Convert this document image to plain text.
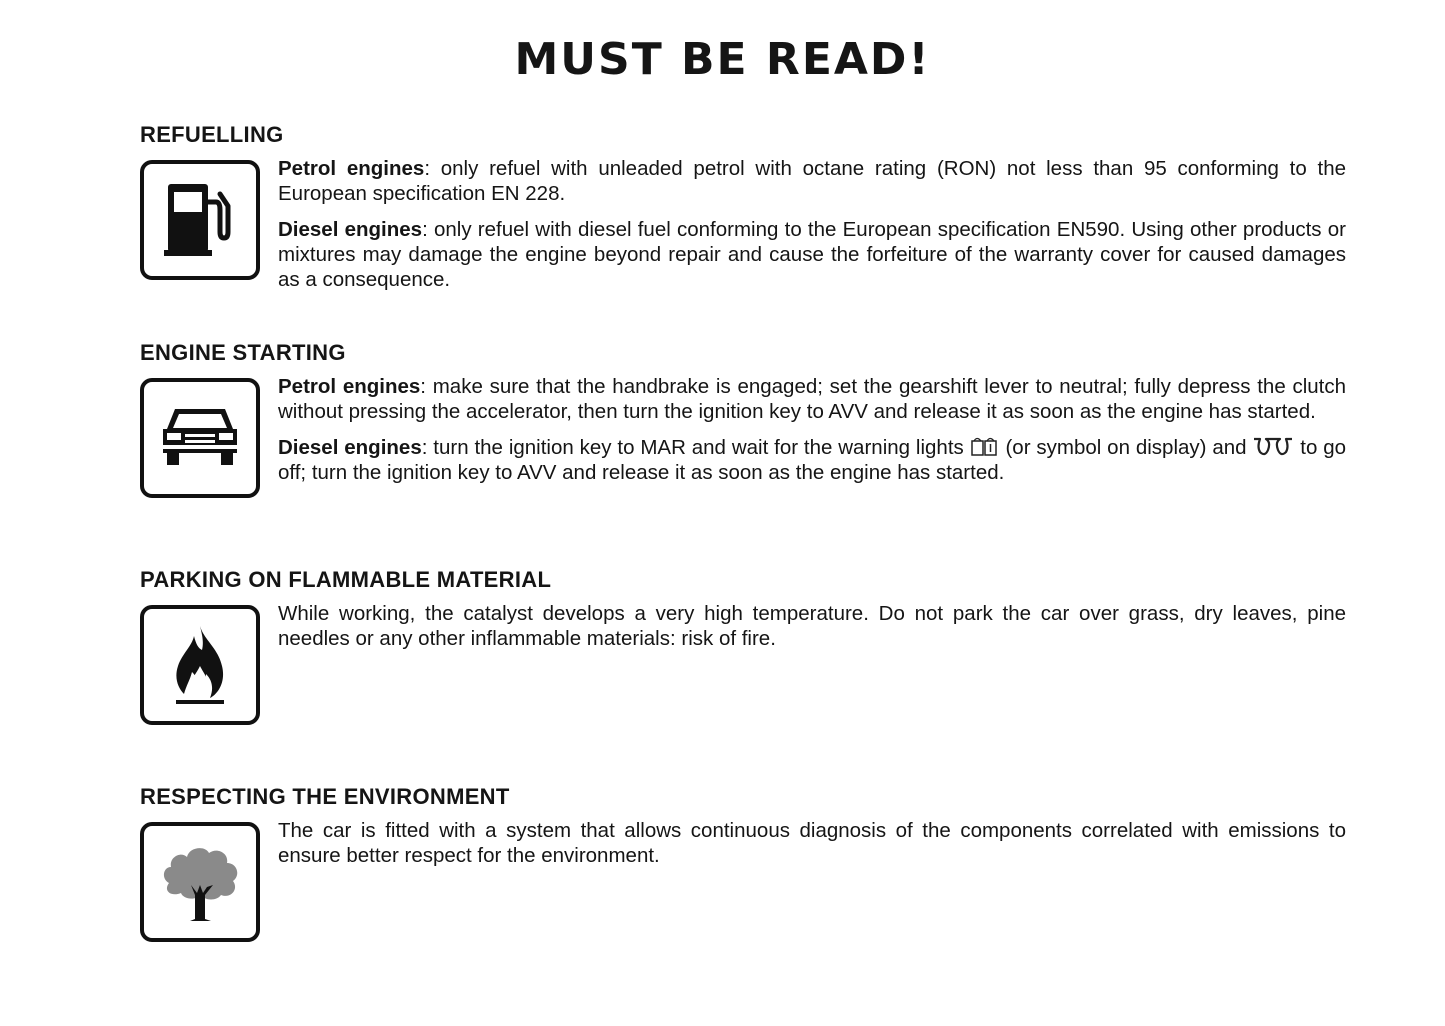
MUST BE READ!
REFUELLING

Petrol engines: only refuel with unleaded petrol with octane rating (RON) not less than 95 conforming to the European specification EN 228.

Diesel engines: only refuel with diesel fuel conforming to the European specification EN590. Using other products or mixtures may damage the engine beyond repair and cause the forfeiture of the warranty cover for caused damages as a consequence.

ENGINE STARTING

Petrol engines: make sure that the handbrake is engaged; set the gearshift lever to neutral; fully depress the clutch without pressing the accelerator, then turn the ignition key to AVV and release it as soon as the engine has started.

Diesel engines: turn the ignition key to MAR and wait for the warning lights  (or symbol on display) and  to go off; turn the ignition key to AVV and release it as soon as the engine has started.

PARKING ON FLAMMABLE MATERIAL

While working, the catalyst develops a very high temperature. Do not park the car over grass, dry leaves, pine needles or any other inflammable materials: risk of fire.

RESPECTING THE ENVIRONMENT

The car is fitted with a system that allows continuous diagnosis of the components correlated with emissions to ensure better respect for the environment.
